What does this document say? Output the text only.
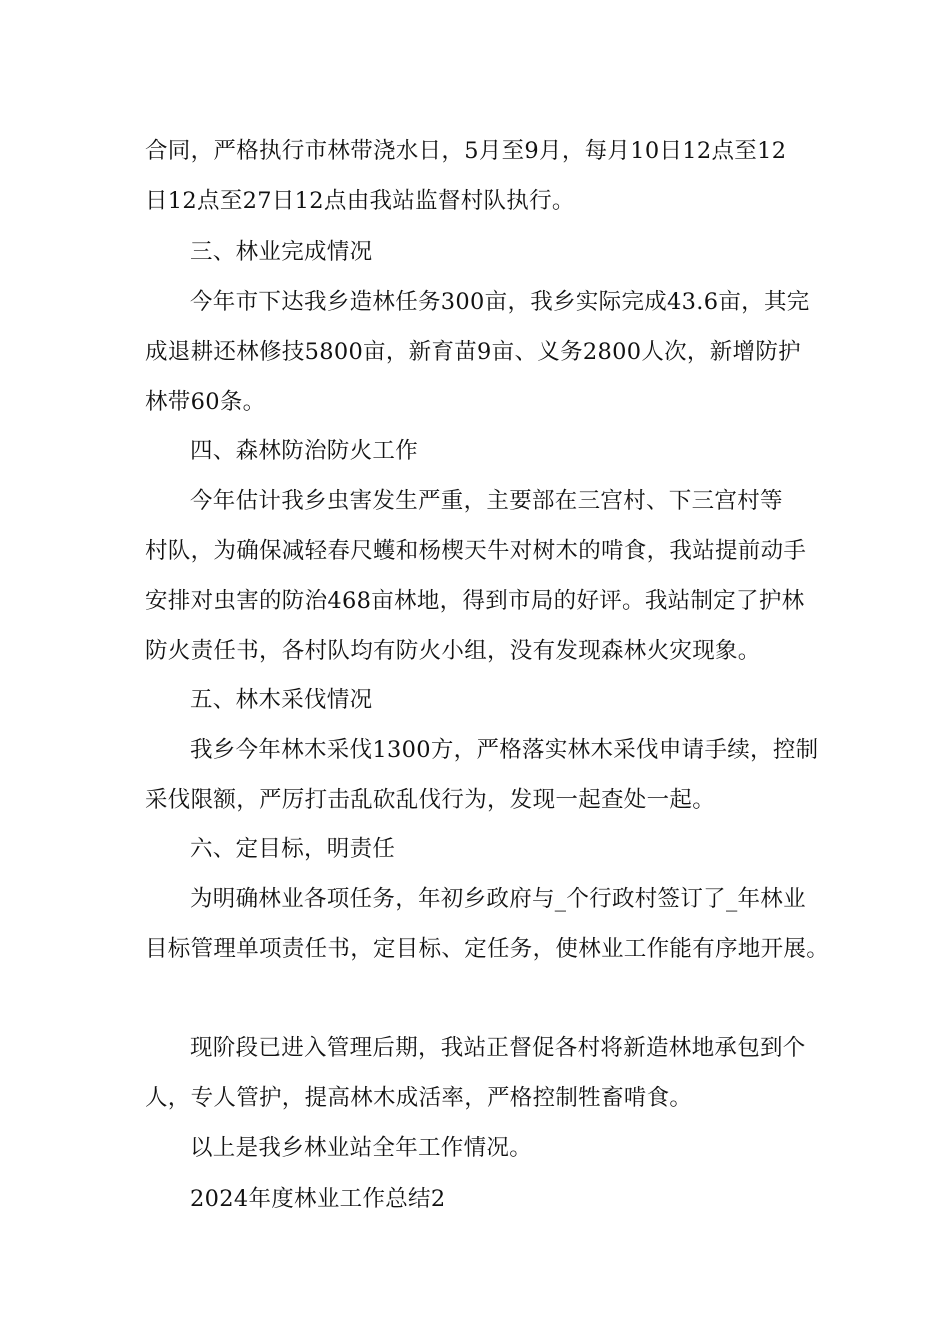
合同，严格执行市林带浇水日，5月至9月，每月10日12点至12
日12点至27日12点由我站监督村队执行。
三、林业完成情况
今年市下达我乡造林任务300亩，我乡实际完成43.6亩，其完
成退耕还林修技5800亩，新育苗9亩、义务2800人次，新增防护
林带60条。
四、森林防治防火工作
今年估计我乡虫害发生严重，主要部在三宫村、下三宫村等
村队，为确保减轻春尺蠖和杨楔天牛对树木的啃食，我站提前动手
安排对虫害的防治468亩林地，得到市局的好评。我站制定了护林
防火责任书，各村队均有防火小组，没有发现森林火灾现象。
五、林木采伐情况
我乡今年林木采伐1300方，严格落实林木采伐申请手续，控制
采伐限额，严厉打击乱砍乱伐行为，发现一起查处一起。
六、定目标，明责任
为明确林业各项任务，年初乡政府与_个行政村签订了_年林业
目标管理单项责任书，定目标、定任务，使林业工作能有序地开展。
现阶段已进入管理后期，我站正督促各村将新造林地承包到个
人，专人管护，提高林木成活率，严格控制牲畜啃食。
以上是我乡林业站全年工作情况。
2024年度林业工作总结2
